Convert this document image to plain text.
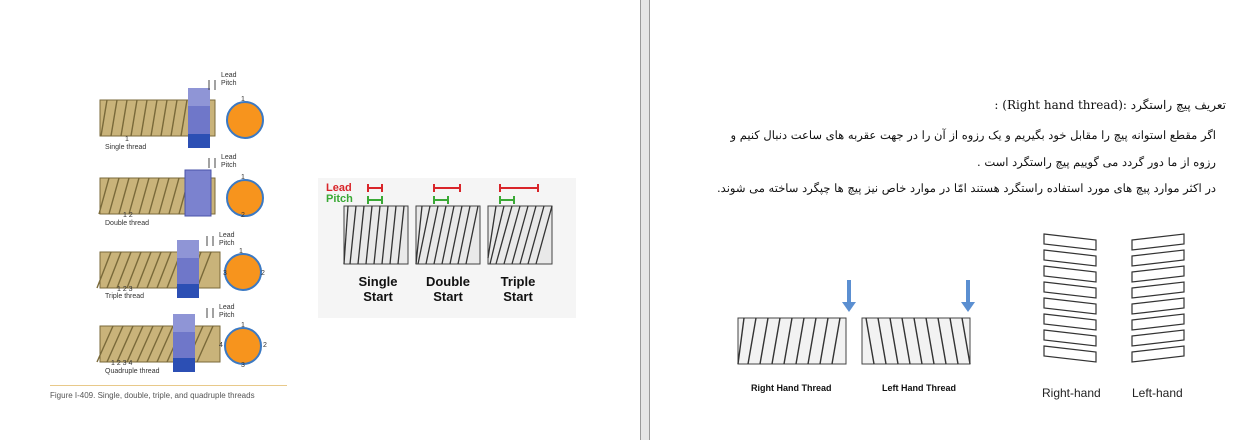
Lead
Pitch
1
1
Single thread
Lead
Pitch
1
2
1 2
Double thread
Lead
Pitch
1
2
3
1 2 3
Triple thread
Lead
Pitch
1
2
3
4
1 2 3 4
Quadruple thread
Figure I-409. Single, double, triple, and quadruple threads
Lead
Pitch
Single
Start
Double
Start
Triple
Start
تعریف پیچ راستگرد :(Right hand thread) :
اگر مقطع استوانه پیچ را مقابل خود بگیریم و یک رزوه از آن را در جهت عقربه های ساعت دنبال کنیم و
رزوه از ما دور گردد می گوییم پیچ راستگرد است .
در اکثر موارد پیچ های مورد استفاده راستگرد هستند امّا در موارد خاص نیز پیچ ها چپگرد ساخته می شوند.
Right Hand Thread	Left Hand Thread	Right-hand	Left-hand
